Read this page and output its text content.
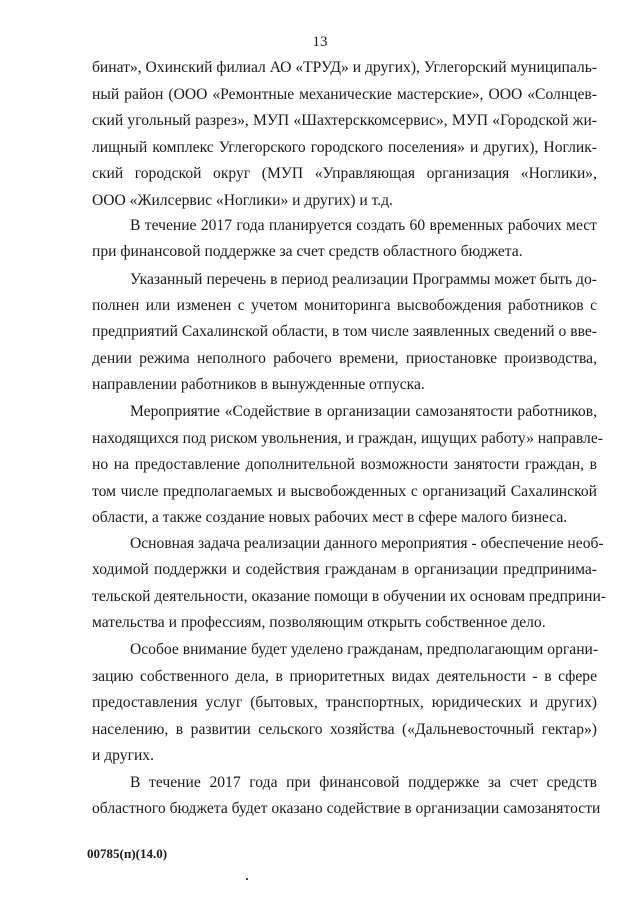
13
бинат», Охинский филиал АО «ТРУД» и других), Углегорский муниципаль-
ный район (ООО «Ремонтные механические мастерские», ООО «Солнцев-
ский угольный разрез», МУП «Шахтерсккомсервис», МУП «Городской жи-
лищный комплекс Углегорского городского поселения» и других), Ноглик-
ский городской округ (МУП «Управляющая организация «Ноглики»,
ООО «Жилсервис «Ноглики» и других) и т.д.
В течение 2017 года планируется создать 60 временных рабочих мест
при финансовой поддержке за счет средств областного бюджета.
Указанный перечень в период реализации Программы может быть до-
полнен или изменен с учетом мониторинга высвобождения работников с
предприятий Сахалинской области, в том числе заявленных сведений о вве-
дении режима неполного рабочего времени, приостановке производства,
направлении работников в вынужденные отпуска.
Мероприятие «Содействие в организации самозанятости работников,
находящихся под риском увольнения, и граждан, ищущих работу» направле-
но на предоставление дополнительной возможности занятости граждан, в
том числе предполагаемых и высвобожденных с организаций Сахалинской
области, а также создание новых рабочих мест в сфере малого бизнеса.
Основная задача реализации данного мероприятия - обеспечение необ-
ходимой поддержки и содействия гражданам в организации предпринима-
тельской деятельности, оказание помощи в обучении их основам предприни-
мательства и профессиям, позволяющим открыть собственное дело.
Особое внимание будет уделено гражданам, предполагающим органи-
зацию собственного дела, в приоритетных видах деятельности - в сфере
предоставления услуг (бытовых, транспортных, юридических и других)
населению, в развитии сельского хозяйства («Дальневосточный гектар»)
и других.
В течение 2017 года при финансовой поддержке за счет средств
областного бюджета будет оказано содействие в организации самозанятости
00785(п)(14.0)
